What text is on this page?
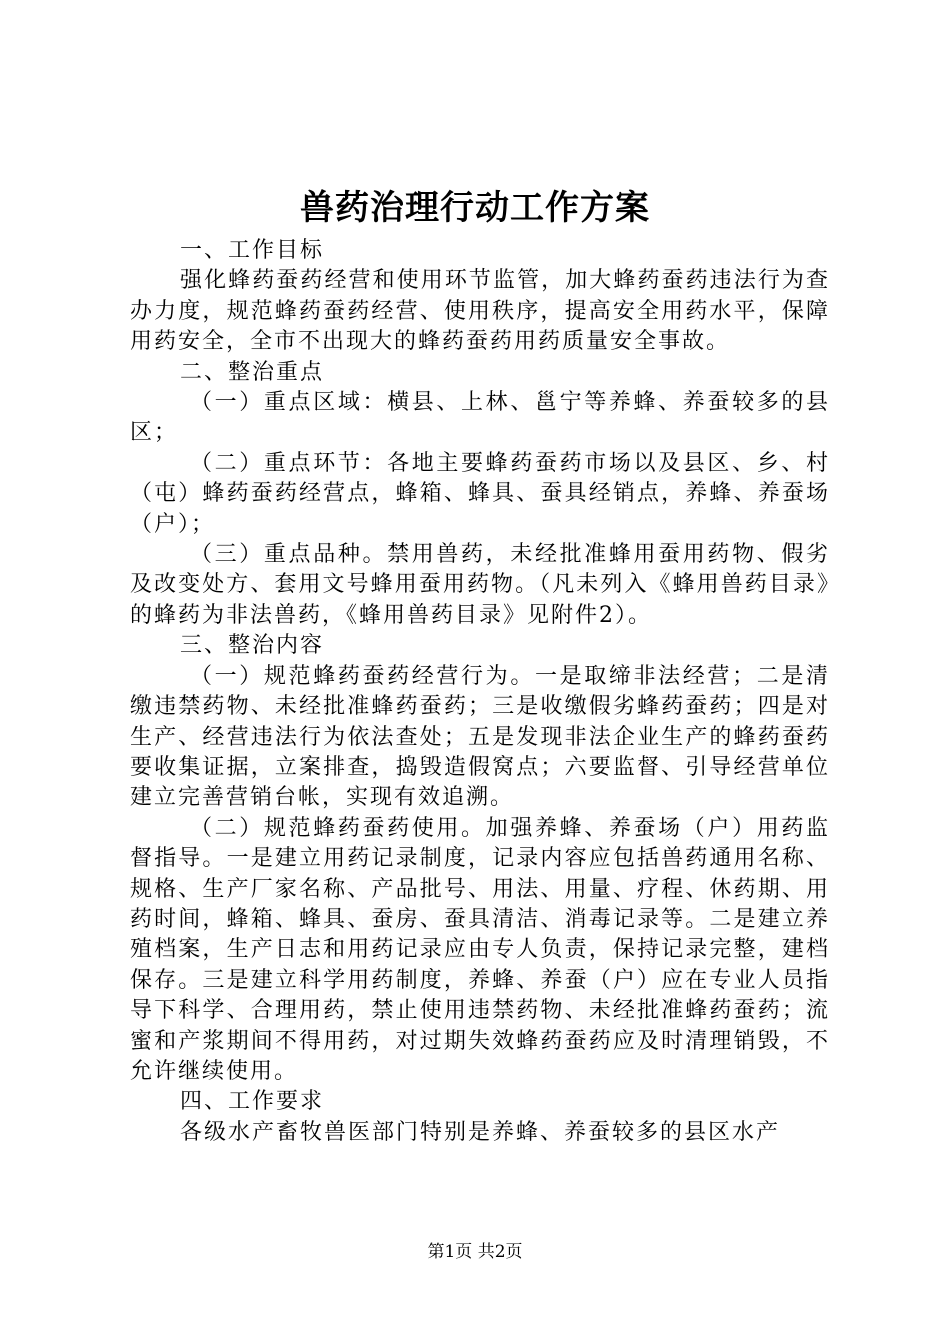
兽药治理行动工作方案

一、工作目标

强化蜂药蚕药经营和使用环节监管，加大蜂药蚕药违法行为查办力度，规范蜂药蚕药经营、使用秩序，提高安全用药水平，保障用药安全，全市不出现大的蜂药蚕药用药质量安全事故。

二、整治重点

（一）重点区域：横县、上林、邕宁等养蜂、养蚕较多的县区；

（二）重点环节：各地主要蜂药蚕药市场以及县区、乡、村（屯）蜂药蚕药经营点，蜂箱、蜂具、蚕具经销点，养蜂、养蚕场（户）；

（三）重点品种。禁用兽药，未经批准蜂用蚕用药物、假劣及改变处方、套用文号蜂用蚕用药物。（凡未列入《蜂用兽药目录》的蜂药为非法兽药，《蜂用兽药目录》见附件2）。

三、整治内容

（一）规范蜂药蚕药经营行为。一是取缔非法经营；二是清缴违禁药物、未经批准蜂药蚕药；三是收缴假劣蜂药蚕药；四是对生产、经营违法行为依法查处；五是发现非法企业生产的蜂药蚕药要收集证据，立案排查，捣毁造假窝点；六要监督、引导经营单位建立完善营销台帐，实现有效追溯。

（二）规范蜂药蚕药使用。加强养蜂、养蚕场（户）用药监督指导。一是建立用药记录制度，记录内容应包括兽药通用名称、规格、生产厂家名称、产品批号、用法、用量、疗程、休药期、用药时间，蜂箱、蜂具、蚕房、蚕具清洁、消毒记录等。二是建立养殖档案，生产日志和用药记录应由专人负责，保持记录完整，建档保存。三是建立科学用药制度，养蜂、养蚕（户）应在专业人员指导下科学、合理用药，禁止使用违禁药物、未经批准蜂药蚕药；流蜜和产浆期间不得用药，对过期失效蜂药蚕药应及时清理销毁，不允许继续使用。

四、工作要求

各级水产畜牧兽医部门特别是养蜂、养蚕较多的县区水产

第1页 共2页
